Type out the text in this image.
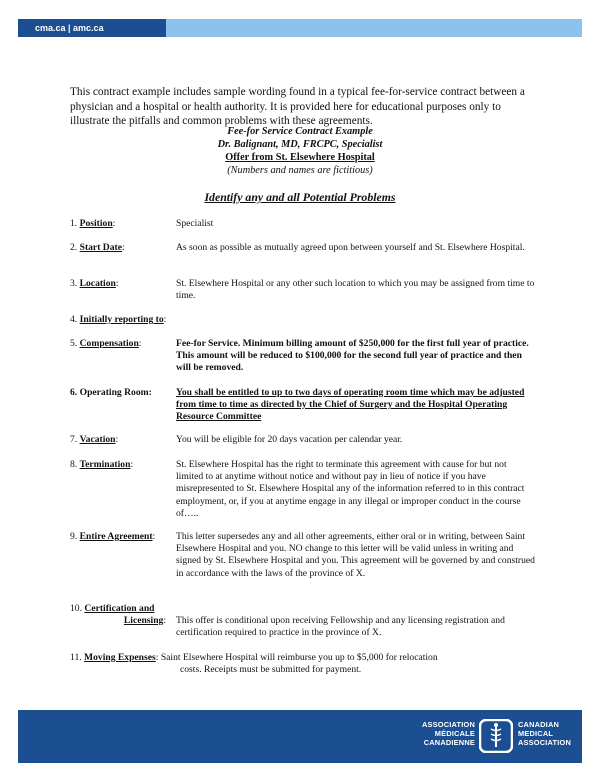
cma.ca | amc.ca
This contract example includes sample wording found in a typical fee-for-service contract between a physician and a hospital or health authority. It is provided here for educational purposes only to illustrate the pitfalls and common problems with these agreements.
Fee-for Service Contract Example
Dr. Balignant, MD, FRCPC, Specialist
Offer from St. Elsewhere Hospital
(Numbers and names are fictitious)
Identify any and all Potential Problems
1. Position:	Specialist
2. Start Date:	As soon as possible as mutually agreed upon between yourself and St. Elsewhere Hospital.
3. Location:	St. Elsewhere Hospital or any other such location to which you may be assigned from time to time.
4. Initially reporting to:
5. Compensation:	Fee-for Service. Minimum billing amount of $250,000 for the first full year of practice. This amount will be reduced to $100,000 for the second full year of practice and then will be removed.
6. Operating Room:	You shall be entitled to up to two days of operating room time which may be adjusted from time to time as directed by the Chief of Surgery and the Hospital Operating Resource Committee
7. Vacation:	You will be eligible for 20 days vacation per calendar year.
8. Termination:	St. Elsewhere Hospital has the right to terminate this agreement with cause for but not limited to at anytime without notice and without pay in lieu of notice if you have misrepresented to St. Elsewhere Hospital any of the information referred to in this contract employment, or, if you at anytime engage in any illegal or improper conduct in the course of…..
9. Entire Agreement:	This letter supersedes any and all other agreements, either oral or in writing, between Saint Elsewhere Hospital and you. NO change to this letter will be valid unless in writing and signed by St. Elsewhere Hospital and you. This agreement will be governed by and construed in accordance with the laws of the province of X.
10. Certification and
Licensing: This offer is conditional upon receiving Fellowship and any licensing registration and certification required to practice in the province of X.
11. Moving Expenses: Saint Elsewhere Hospital will reimburse you up to $5,000 for relocation
costs. Receipts must be submitted for payment.
ASSOCIATION
MÉDICALE
CANADIENNE
CANADIAN
MEDICAL
ASSOCIATION
